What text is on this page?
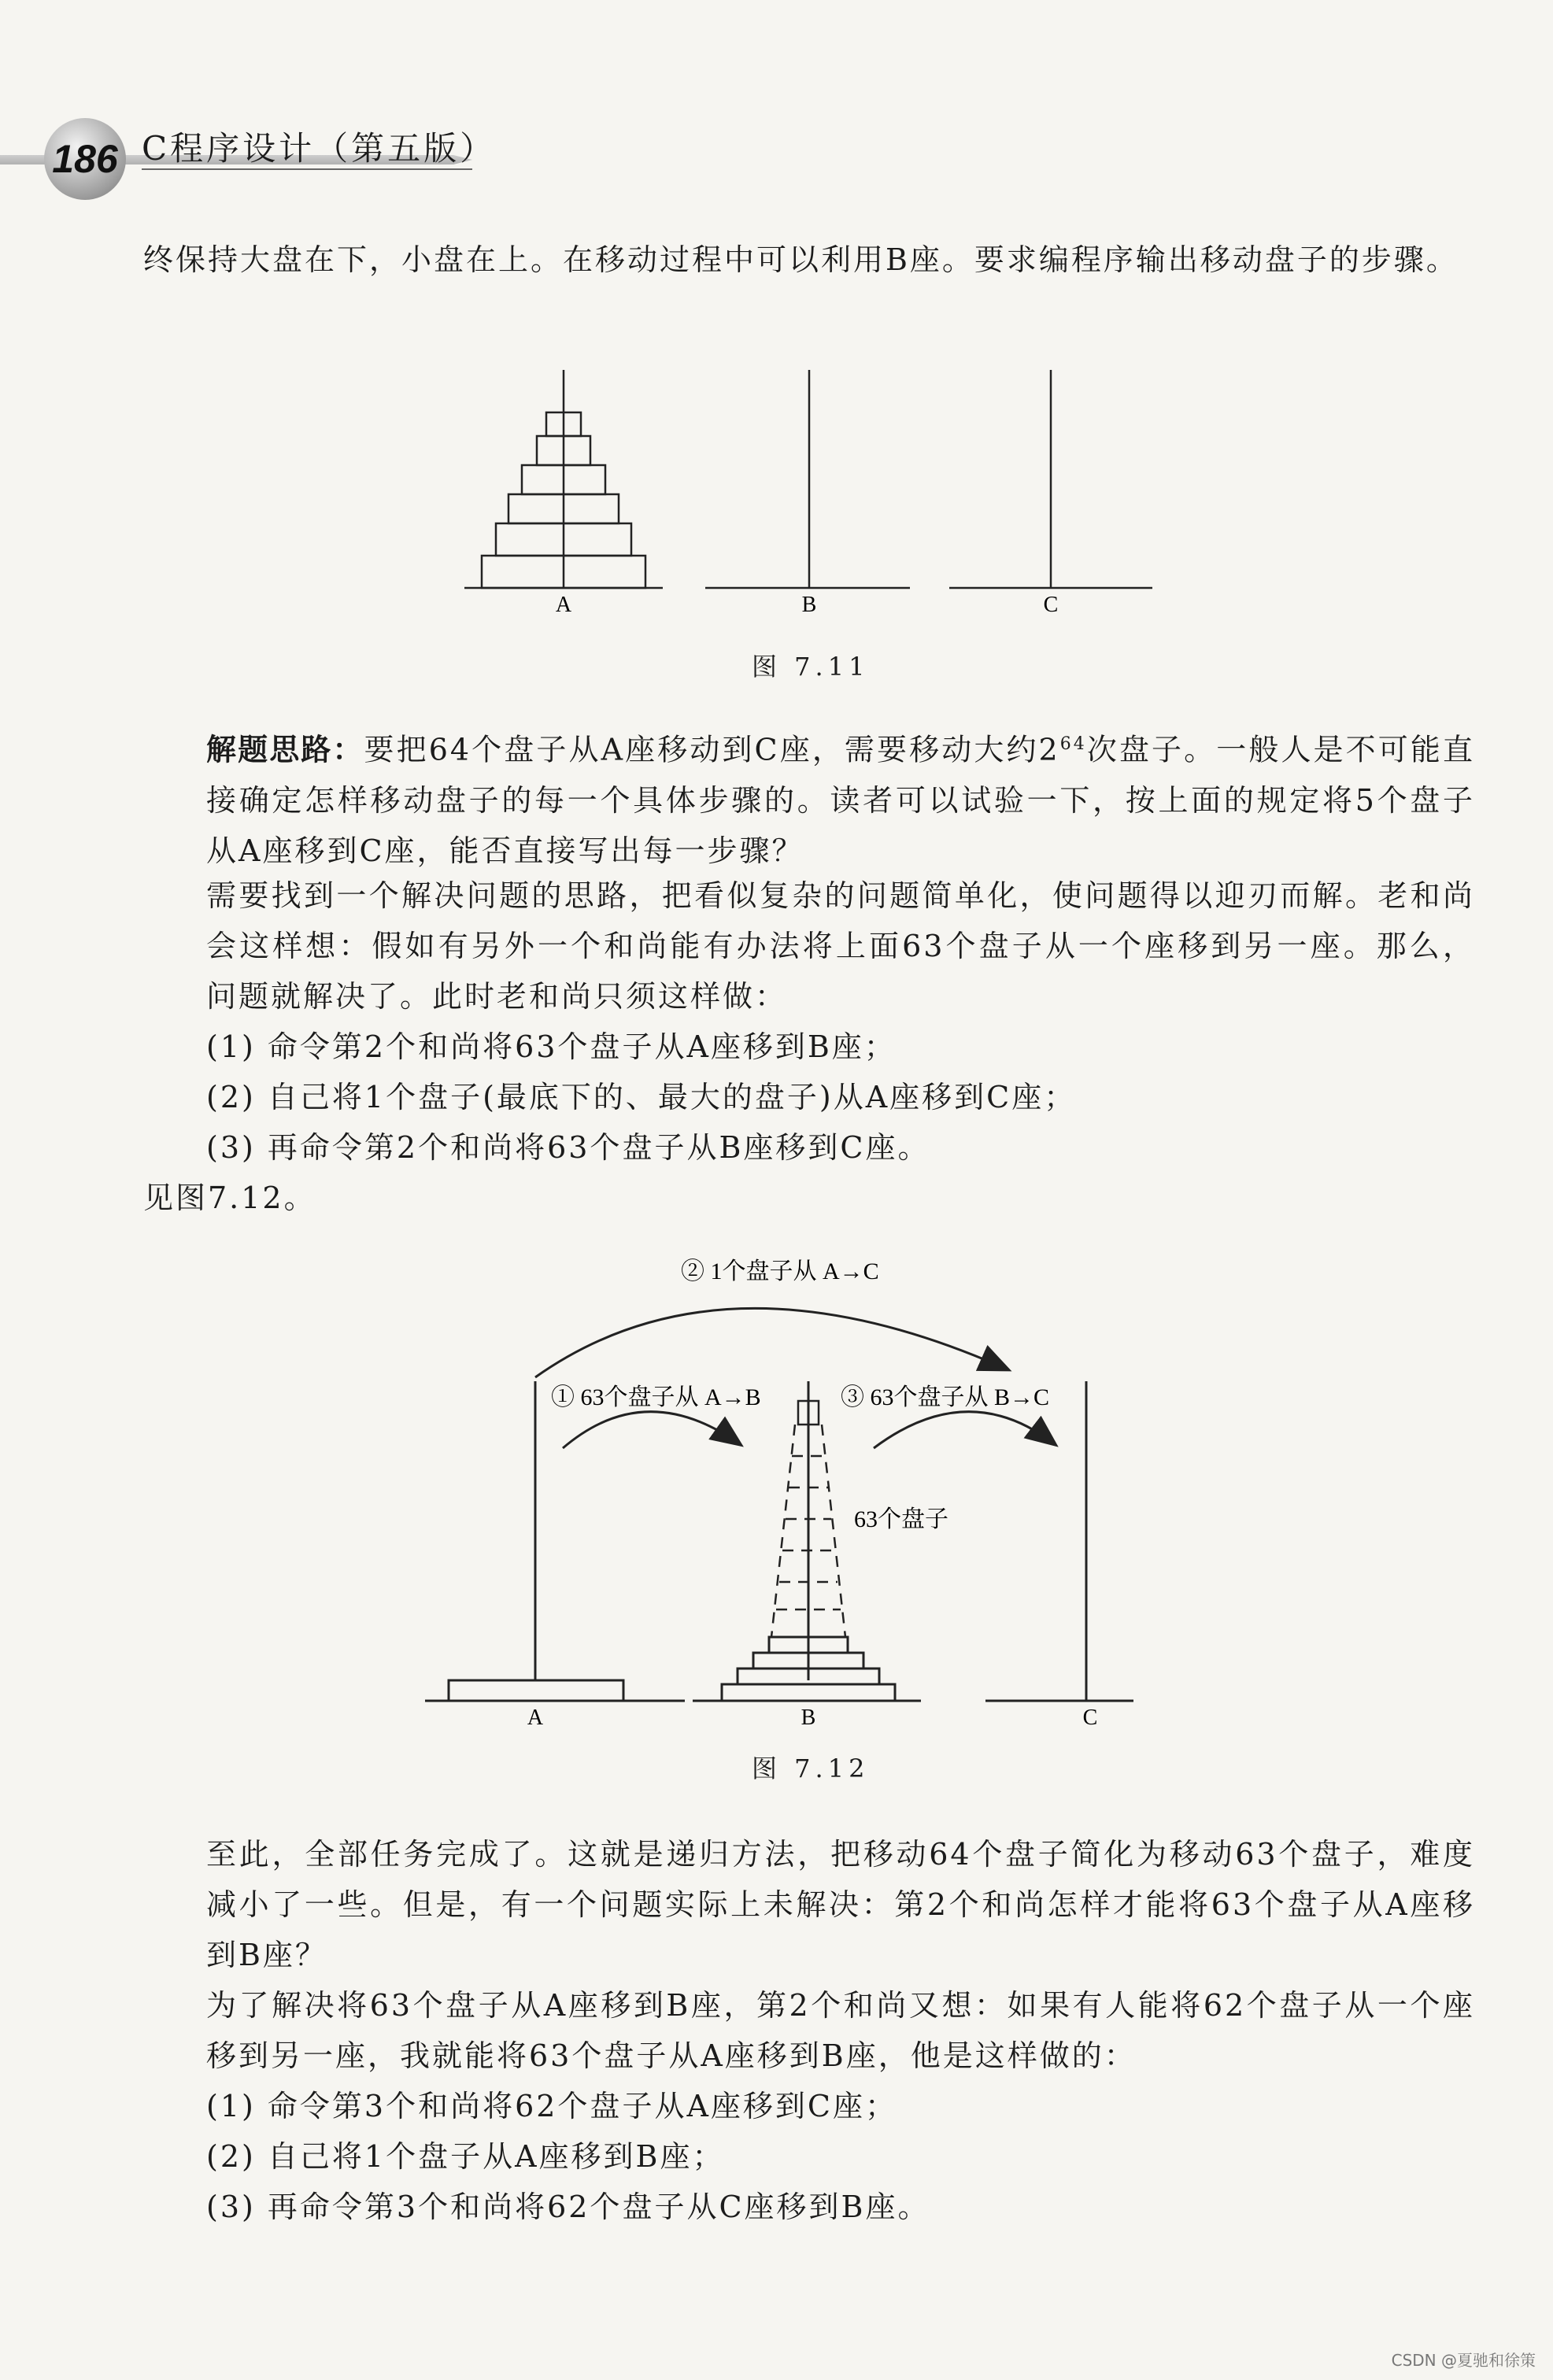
186 C程序设计（第五版）
终保持大盘在下，小盘在上。在移动过程中可以利用B座。要求编程序输出移动盘子的步骤。
A	B	C
图 7.11
解题思路：要把64个盘子从A座移动到C座，需要移动大约$2^{64}$次盘子。一般人是不可能直接确定怎样移动盘子的每一个具体步骤的。读者可以试验一下，按上面的规定将5个盘子从A座移到C座，能否直接写出每一步骤？
需要找到一个解决问题的思路，把看似复杂的问题简单化，使问题得以迎刃而解。老和尚会这样想：假如有另外一个和尚能有办法将上面63个盘子从一个座移到另一座。那么，问题就解决了。此时老和尚只须这样做：
(1) 命令第2个和尚将63个盘子从A座移到B座；
(2) 自己将1个盘子(最底下的、最大的盘子)从A座移到C座；
(3) 再命令第2个和尚将63个盘子从B座移到C座。
见图7.12。
② 1个盘子从 A→C
① 63个盘子从 A→B	③ 63个盘子从 B→C
63个盘子
A	B	C
图 7.12
至此，全部任务完成了。这就是递归方法，把移动64个盘子简化为移动63个盘子，难度减小了一些。但是，有一个问题实际上未解决：第2个和尚怎样才能将63个盘子从A座移到B座？
为了解决将63个盘子从A座移到B座，第2个和尚又想：如果有人能将62个盘子从一个座移到另一座，我就能将63个盘子从A座移到B座，他是这样做的：
(1) 命令第3个和尚将62个盘子从A座移到C座；
(2) 自己将1个盘子从A座移到B座；
(3) 再命令第3个和尚将62个盘子从C座移到B座。
CSDN @夏驰和徐策
